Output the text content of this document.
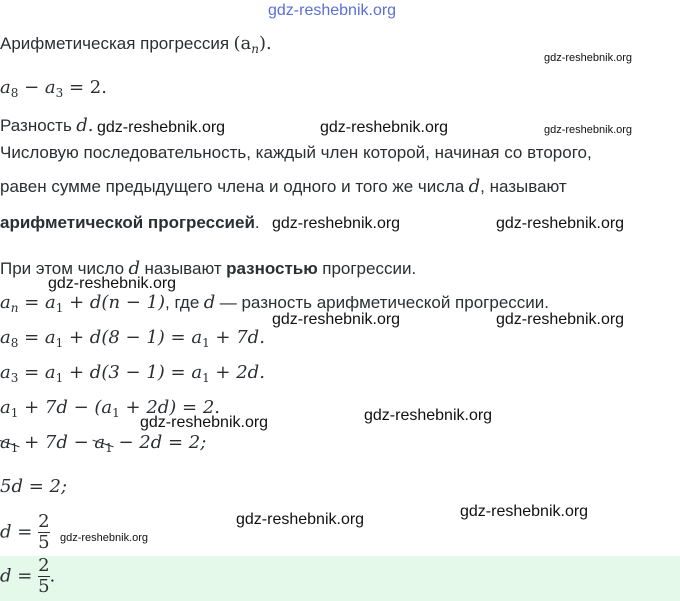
gdz-reshebnik.org
gdz-reshebnik.org
gdz-reshebnik.org	gdz-reshebnik.org	gdz-reshebnik.org
gdz-reshebnik.org	gdz-reshebnik.org
gdz-reshebnik.org
gdz-reshebnik.org	gdz-reshebnik.org
gdz-reshebnik.org
gdz-reshebnik.org
gdz-reshebnik.org
gdz-reshebnik.org
gdz-reshebnik.org
Арифметическая прогрессия $(a_n)$.
$a_8 - a_3 = 2$.
Разность d.
Числовую последовательность, каждый член которой, начиная со второго,
равен сумме предыдущего члена и одного и того же числа d, называют
арифметической прогрессией.
При этом число d называют разностью прогрессии.
$a_n = a_1 + d(n - 1)$, где d — разность арифметической прогрессии.
$a_8 = a_1 + d(8 - 1) = a_1 + 7d$.
$a_3 = a_1 + d(3 - 1) = a_1 + 2d$.
$a_1 + 7d - (a_1 + 2d) = 2$.
$a_1 + 7d - a_1 - 2d = 2$;
5d = 2;
$d = \frac{2}{5}$
$d = \frac{2}{5}$ .
